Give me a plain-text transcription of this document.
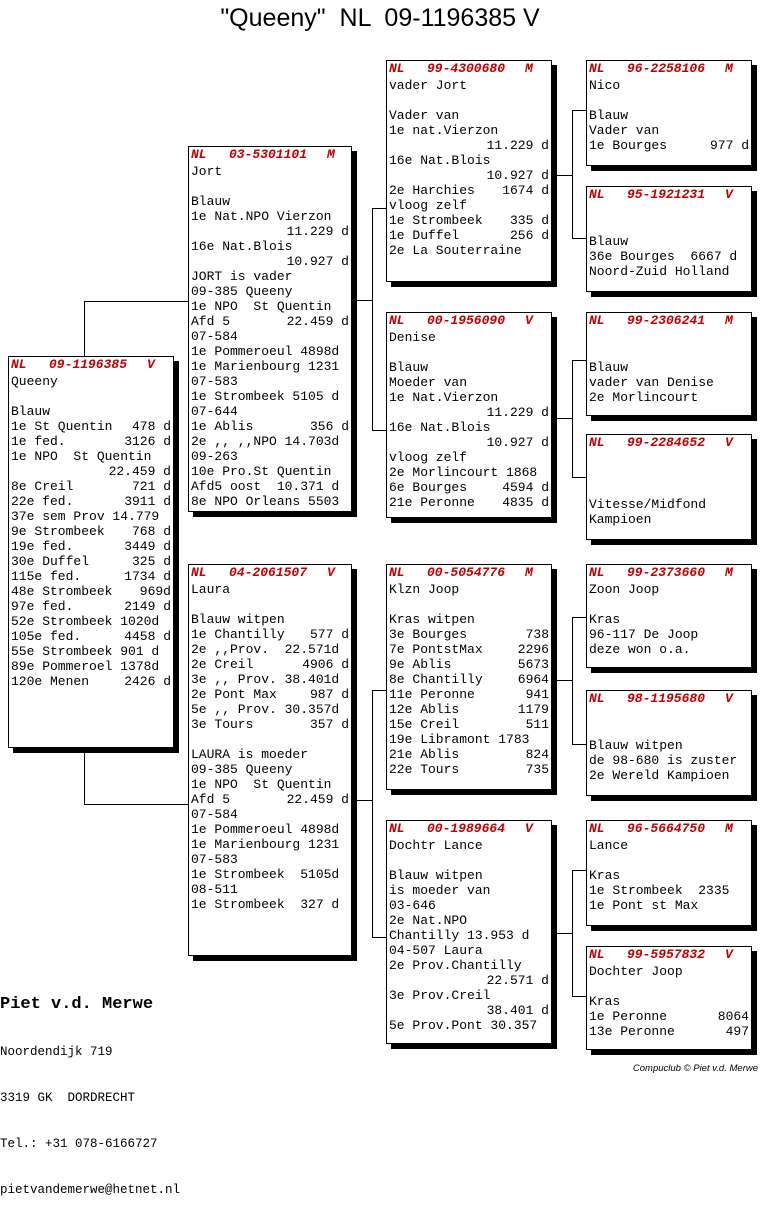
"Queeny"  NL  09-1196385 V
NL 09-1196385 V
Queeny
Blauw
1e St Quentin 478 d
1e fed.	3126 d
1e NPO  St Quentin
22.459 d
8e Creil	721 d
22e fed.	3911 d
37e sem Prov 14.779
9e Strombeek 768 d
19e fed.	3449 d
30e Duffel	325 d
115e fed.	1734 d
48e Strombeek 969d
97e fed.	2149 d
52e Strombeek 1020d
105e fed.	4458 d
55e Strombeek 901 d
89e Pommeroel 1378d
120e Menen	2426 d
NL 03-5301101 M
Jort
Blauw
1e Nat.NPO Vierzon
11.229 d
16e Nat.Blois
10.927 d
JORT is vader
09-385 Queeny
1e NPO  St Quentin
Afd 5	22.459 d
07-584
1e Pommeroeul 4898d
1e Marienbourg 1231
07-583
1e Strombeek 5105 d
07-644
1e Ablis	356 d
2e ,, ,,NPO 14.703d
09-263
10e Pro.St Quentin
Afd5 oost  10.371 d
8e NPO Orleans 5503
NL 04-2061507 V
Laura
Blauw witpen
1e Chantilly 577 d
2e ,,Prov.  22.571d
2e Creil	4906 d
3e ,, Prov. 38.401d
2e Pont Max	987 d
5e ,, Prov. 30.357d
3e Tours	357 d
LAURA is moeder
09-385 Queeny
1e NPO  St Quentin
Afd 5	22.459 d
07-584
1e Pommeroeul 4898d
1e Marienbourg 1231
07-583
1e Strombeek  5105d
08-511
1e Strombeek  327 d
NL 99-4300680 M
vader Jort
Vader van
1e nat.Vierzon
11.229 d
16e Nat.Blois
10.927 d
2e Harchies 1674 d
vloog zelf
1e Strombeek 335 d
1e Duffel	256 d
2e La Souterraine
NL 00-1956090 V
Denise
Blauw
Moeder van
1e Nat.Vierzon
11.229 d
16e Nat.Blois
10.927 d
vloog zelf
2e Morlincourt 1868
6e Bourges	4594 d
21e Peronne 4835 d
NL 00-5054776 M
Klzn Joop
Kras witpen
3e Bourges	738
7e PontstMax	2296
9e Ablis	5673
8e Chantilly	6964
11e Peronne	941
12e Ablis	1179
15e Creil	511
19e Libramont 1783
21e Ablis	824
22e Tours	735
NL 00-1989664 V
Dochtr Lance
Blauw witpen
is moeder van
03-646
2e Nat.NPO
Chantilly 13.953 d
04-507 Laura
2e Prov.Chantilly
22.571 d
3e Prov.Creil
38.401 d
5e Prov.Pont 30.357
NL 96-2258106 M
Nico
Blauw
Vader van
1e Bourges	977 d
NL 95-1921231 V
Blauw
36e Bourges  6667 d
Noord-Zuid Holland
NL 99-2306241 M
Blauw
vader van Denise
2e Morlincourt
NL 99-2284652 V
Vitesse/Midfond
Kampioen
NL 99-2373660 M
Zoon Joop
Kras
96-117 De Joop
deze won o.a.
NL 98-1195680 V
Blauw witpen
de 98-680 is zuster
2e Wereld Kampioen
NL 96-5664750 M
Lance
Kras
1e Strombeek  2335
1e Pont st Max
NL 99-5957832 V
Dochter Joop
Kras
1e Peronne	8064
13e Peronne	497

Piet v.d. Merwe

Noordendijk 719

3319 GK  DORDRECHT

Tel.: +31 078-6166727

pietvandemerwe@hetnet.nl

Compuclub © Piet v.d. Merwe
